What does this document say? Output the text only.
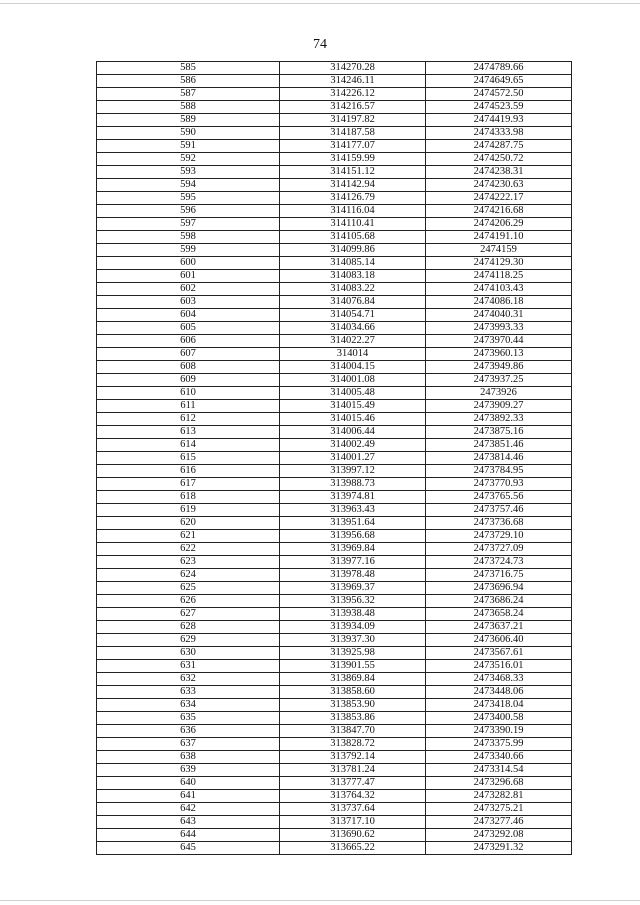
74
585	314270.28	2474789.66
586	314246.11	2474649.65
587	314226.12	2474572.50
588	314216.57	2474523.59
589	314197.82	2474419.93
590	314187.58	2474333.98
591	314177.07	2474287.75
592	314159.99	2474250.72
593	314151.12	2474238.31
594	314142.94	2474230.63
595	314126.79	2474222.17
596	314116.04	2474216.68
597	314110.41	2474206.29
598	314105.68	2474191.10
599	314099.86	2474159
600	314085.14	2474129.30
601	314083.18	2474118.25
602	314083.22	2474103.43
603	314076.84	2474086.18
604	314054.71	2474040.31
605	314034.66	2473993.33
606	314022.27	2473970.44
607	314014	2473960.13
608	314004.15	2473949.86
609	314001.08	2473937.25
610	314005.48	2473926
611	314015.49	2473909.27
612	314015.46	2473892.33
613	314006.44	2473875.16
614	314002.49	2473851.46
615	314001.27	2473814.46
616	313997.12	2473784.95
617	313988.73	2473770.93
618	313974.81	2473765.56
619	313963.43	2473757.46
620	313951.64	2473736.68
621	313956.68	2473729.10
622	313969.84	2473727.09
623	313977.16	2473724.73
624	313978.48	2473716.75
625	313969.37	2473696.94
626	313956.32	2473686.24
627	313938.48	2473658.24
628	313934.09	2473637.21
629	313937.30	2473606.40
630	313925.98	2473567.61
631	313901.55	2473516.01
632	313869.84	2473468.33
633	313858.60	2473448.06
634	313853.90	2473418.04
635	313853.86	2473400.58
636	313847.70	2473390.19
637	313828.72	2473375.99
638	313792.14	2473340.66
639	313781.24	2473314.54
640	313777.47	2473296.68
641	313764.32	2473282.81
642	313737.64	2473275.21
643	313717.10	2473277.46
644	313690.62	2473292.08
645	313665.22	2473291.32
